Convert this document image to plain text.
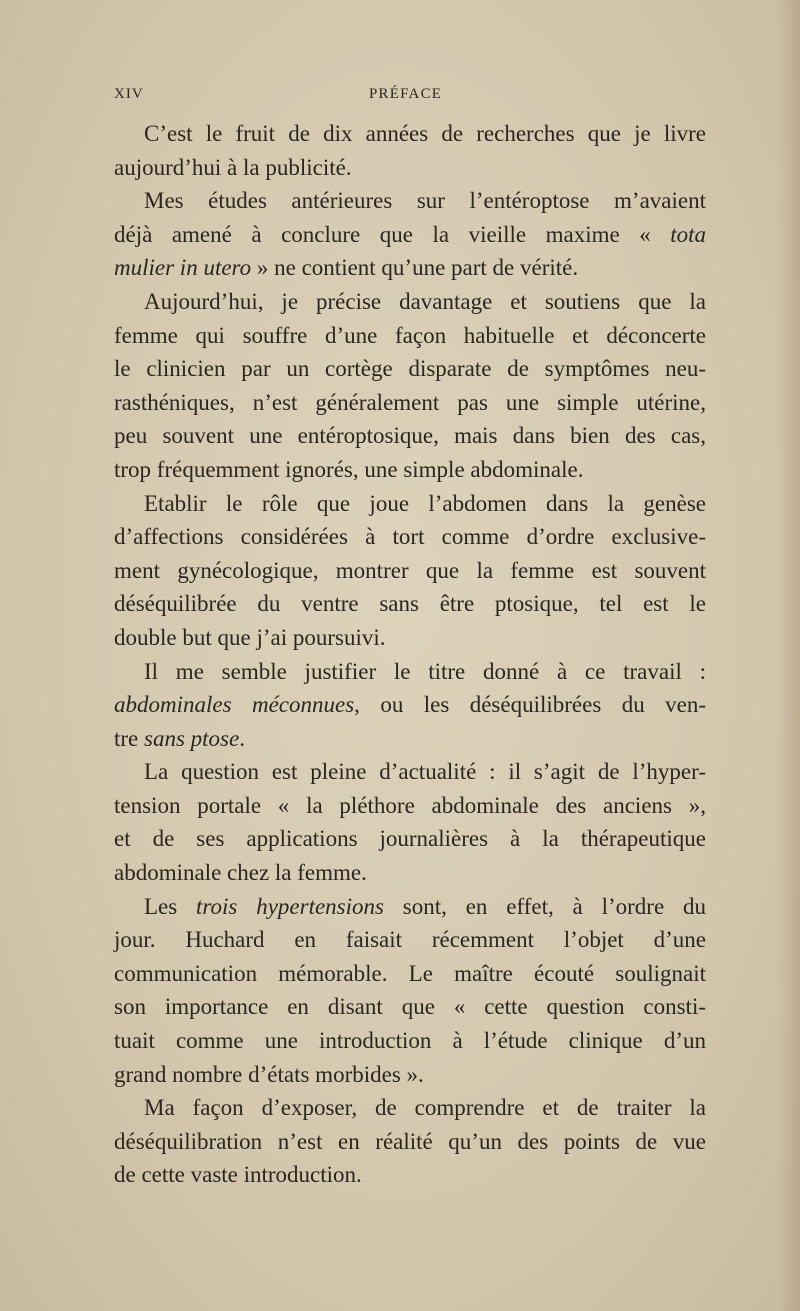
XIV	PRÉFACE
C’est le fruit de dix années de recherches que je livre
aujourd’hui à la publicité.
Mes études antérieures sur l’entéroptose m’avaient
déjà amené à conclure que la vieille maxime « tota
mulier in utero » ne contient qu’une part de vérité.
Aujourd’hui, je précise davantage et soutiens que la
femme qui souffre d’une façon habituelle et déconcerte
le clinicien par un cortège disparate de symptômes neu-
rasthéniques, n’est généralement pas une simple utérine,
peu souvent une entéroptosique, mais dans bien des cas,
trop fréquemment ignorés, une simple abdominale.
Etablir le rôle que joue l’abdomen dans la genèse
d’affections considérées à tort comme d’ordre exclusive-
ment gynécologique, montrer que la femme est souvent
déséquilibrée du ventre sans être ptosique, tel est le
double but que j’ai poursuivi.
Il me semble justifier le titre donné à ce travail :
abdominales méconnues, ou les déséquilibrées du ven-
tre sans ptose.
La question est pleine d’actualité : il s’agit de l’hyper-
tension portale « la pléthore abdominale des anciens »,
et de ses applications journalières à la thérapeutique
abdominale chez la femme.
Les trois hypertensions sont, en effet, à l’ordre du
jour. Huchard en faisait récemment l’objet d’une
communication mémorable. Le maître écouté soulignait
son importance en disant que « cette question consti-
tuait comme une introduction à l’étude clinique d’un
grand nombre d’états morbides ».
Ma façon d’exposer, de comprendre et de traiter la
déséquilibration n’est en réalité qu’un des points de vue
de cette vaste introduction.
